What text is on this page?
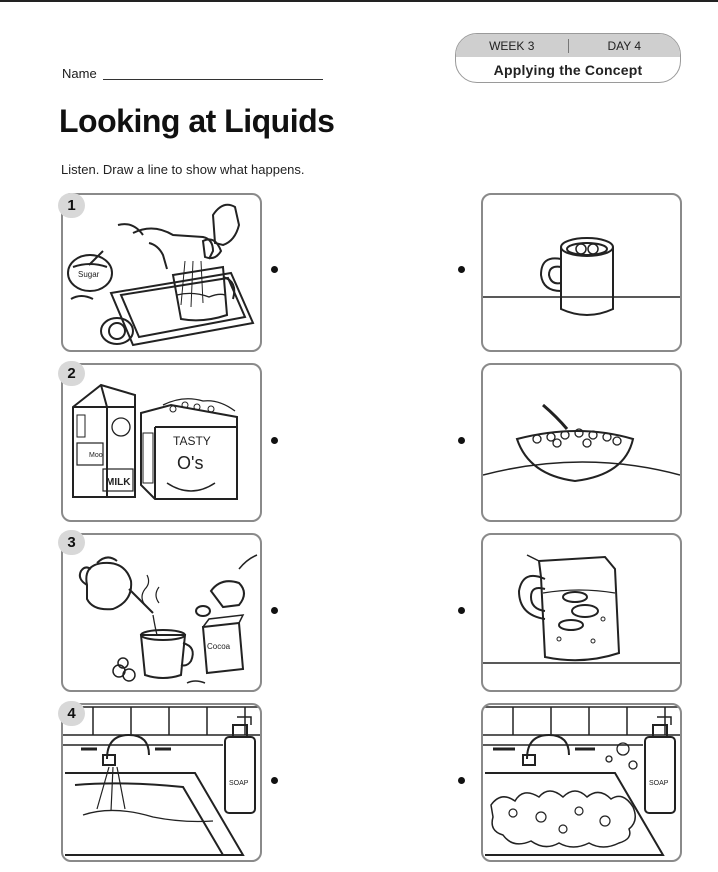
WEEK 3	DAY 4
Applying the Concept
Name
Looking at Liquids
Listen. Draw a line to show what happens.
1
Sugar
2
Moo
MILK
TASTY
O's
3
Cocoa
4
SOAP	SOAP
